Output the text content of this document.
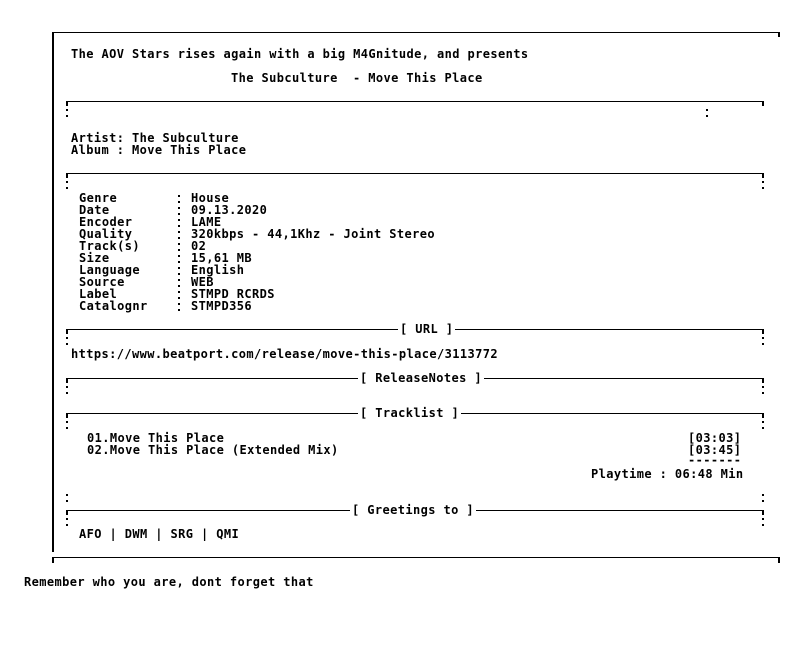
The AOV Stars rises again with a big M4Gnitude, and presents
The Subculture  - Move This Place
Artist: The Subculture
Album : Move This Place
Genre
Date
Encoder
Quality
Track(s)
Size
Language
Source
Label
Catalognr
House
09.13.2020
LAME
320kbps - 44,1Khz - Joint Stereo
02
15,61 MB
English
WEB
STMPD RCRDS
STMPD356
[ URL ]
https://www.beatport.com/release/move-this-place/3113772
[ ReleaseNotes ]
[ Tracklist ]
01.Move This Place	[03:03]
02.Move This Place (Extended Mix)	[03:45]
-------
Playtime : 06:48 Min
[ Greetings to ]
AFO | DWM | SRG | QMI
Remember who you are, dont forget that
